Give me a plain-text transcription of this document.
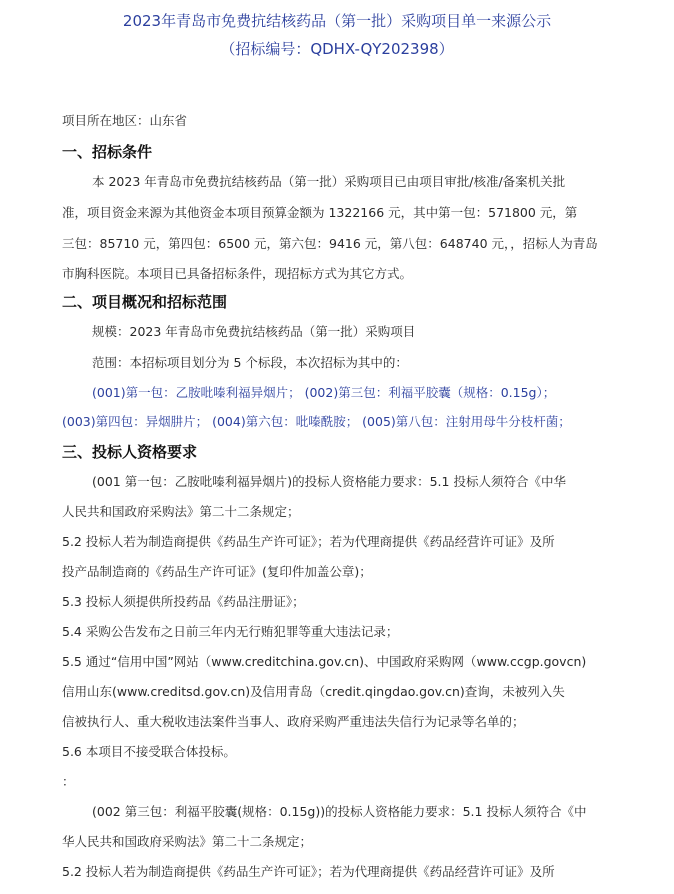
2023年青岛市免费抗结核药品（第一批）采购项目单一来源公示
（招标编号：QDHX-QY202398）
项目所在地区：山东省
一、招标条件
本 2023 年青岛市免费抗结核药品（第一批）采购项目已由项目审批/核准/备案机关批
准，项目资金来源为其他资金本项目预算金额为 1322166 元，其中第一包：571800 元，第
三包：85710 元，第四包：6500 元，第六包：9416 元，第八包：648740 元，，招标人为青岛
市胸科医院。本项目已具备招标条件，现招标方式为其它方式。
二、项目概况和招标范围
规模：2023 年青岛市免费抗结核药品（第一批）采购项目
范围：本招标项目划分为 5 个标段，本次招标为其中的：
(001)第一包：乙胺吡嗪利福异烟片； (002)第三包：利福平胶囊（规格：0.15g）；
(003)第四包：异烟肼片； (004)第六包：吡嗪酰胺； (005)第八包：注射用母牛分枝杆菌；
三、投标人资格要求
(001 第一包：乙胺吡嗪利福异烟片)的投标人资格能力要求：5.1 投标人须符合《中华
人民共和国政府采购法》第二十二条规定；
5.2 投标人若为制造商提供《药品生产许可证》；若为代理商提供《药品经营许可证》及所
投产品制造商的《药品生产许可证》(复印件加盖公章)；
5.3 投标人须提供所投药品《药品注册证》；
5.4 采购公告发布之日前三年内无行贿犯罪等重大违法记录；
5.5 通过“信用中国”网站（www.creditchina.gov.cn)、中国政府采购网（www.ccgp.govcn)
信用山东(www.creditsd.gov.cn)及信用青岛（credit.qingdao.gov.cn)查询，未被列入失
信被执行人、重大税收违法案件当事人、政府采购严重违法失信行为记录等名单的；
5.6 本项目不接受联合体投标。
：
(002 第三包：利福平胶囊(规格：0.15g))的投标人资格能力要求：5.1 投标人须符合《中
华人民共和国政府采购法》第二十二条规定；
5.2 投标人若为制造商提供《药品生产许可证》；若为代理商提供《药品经营许可证》及所
